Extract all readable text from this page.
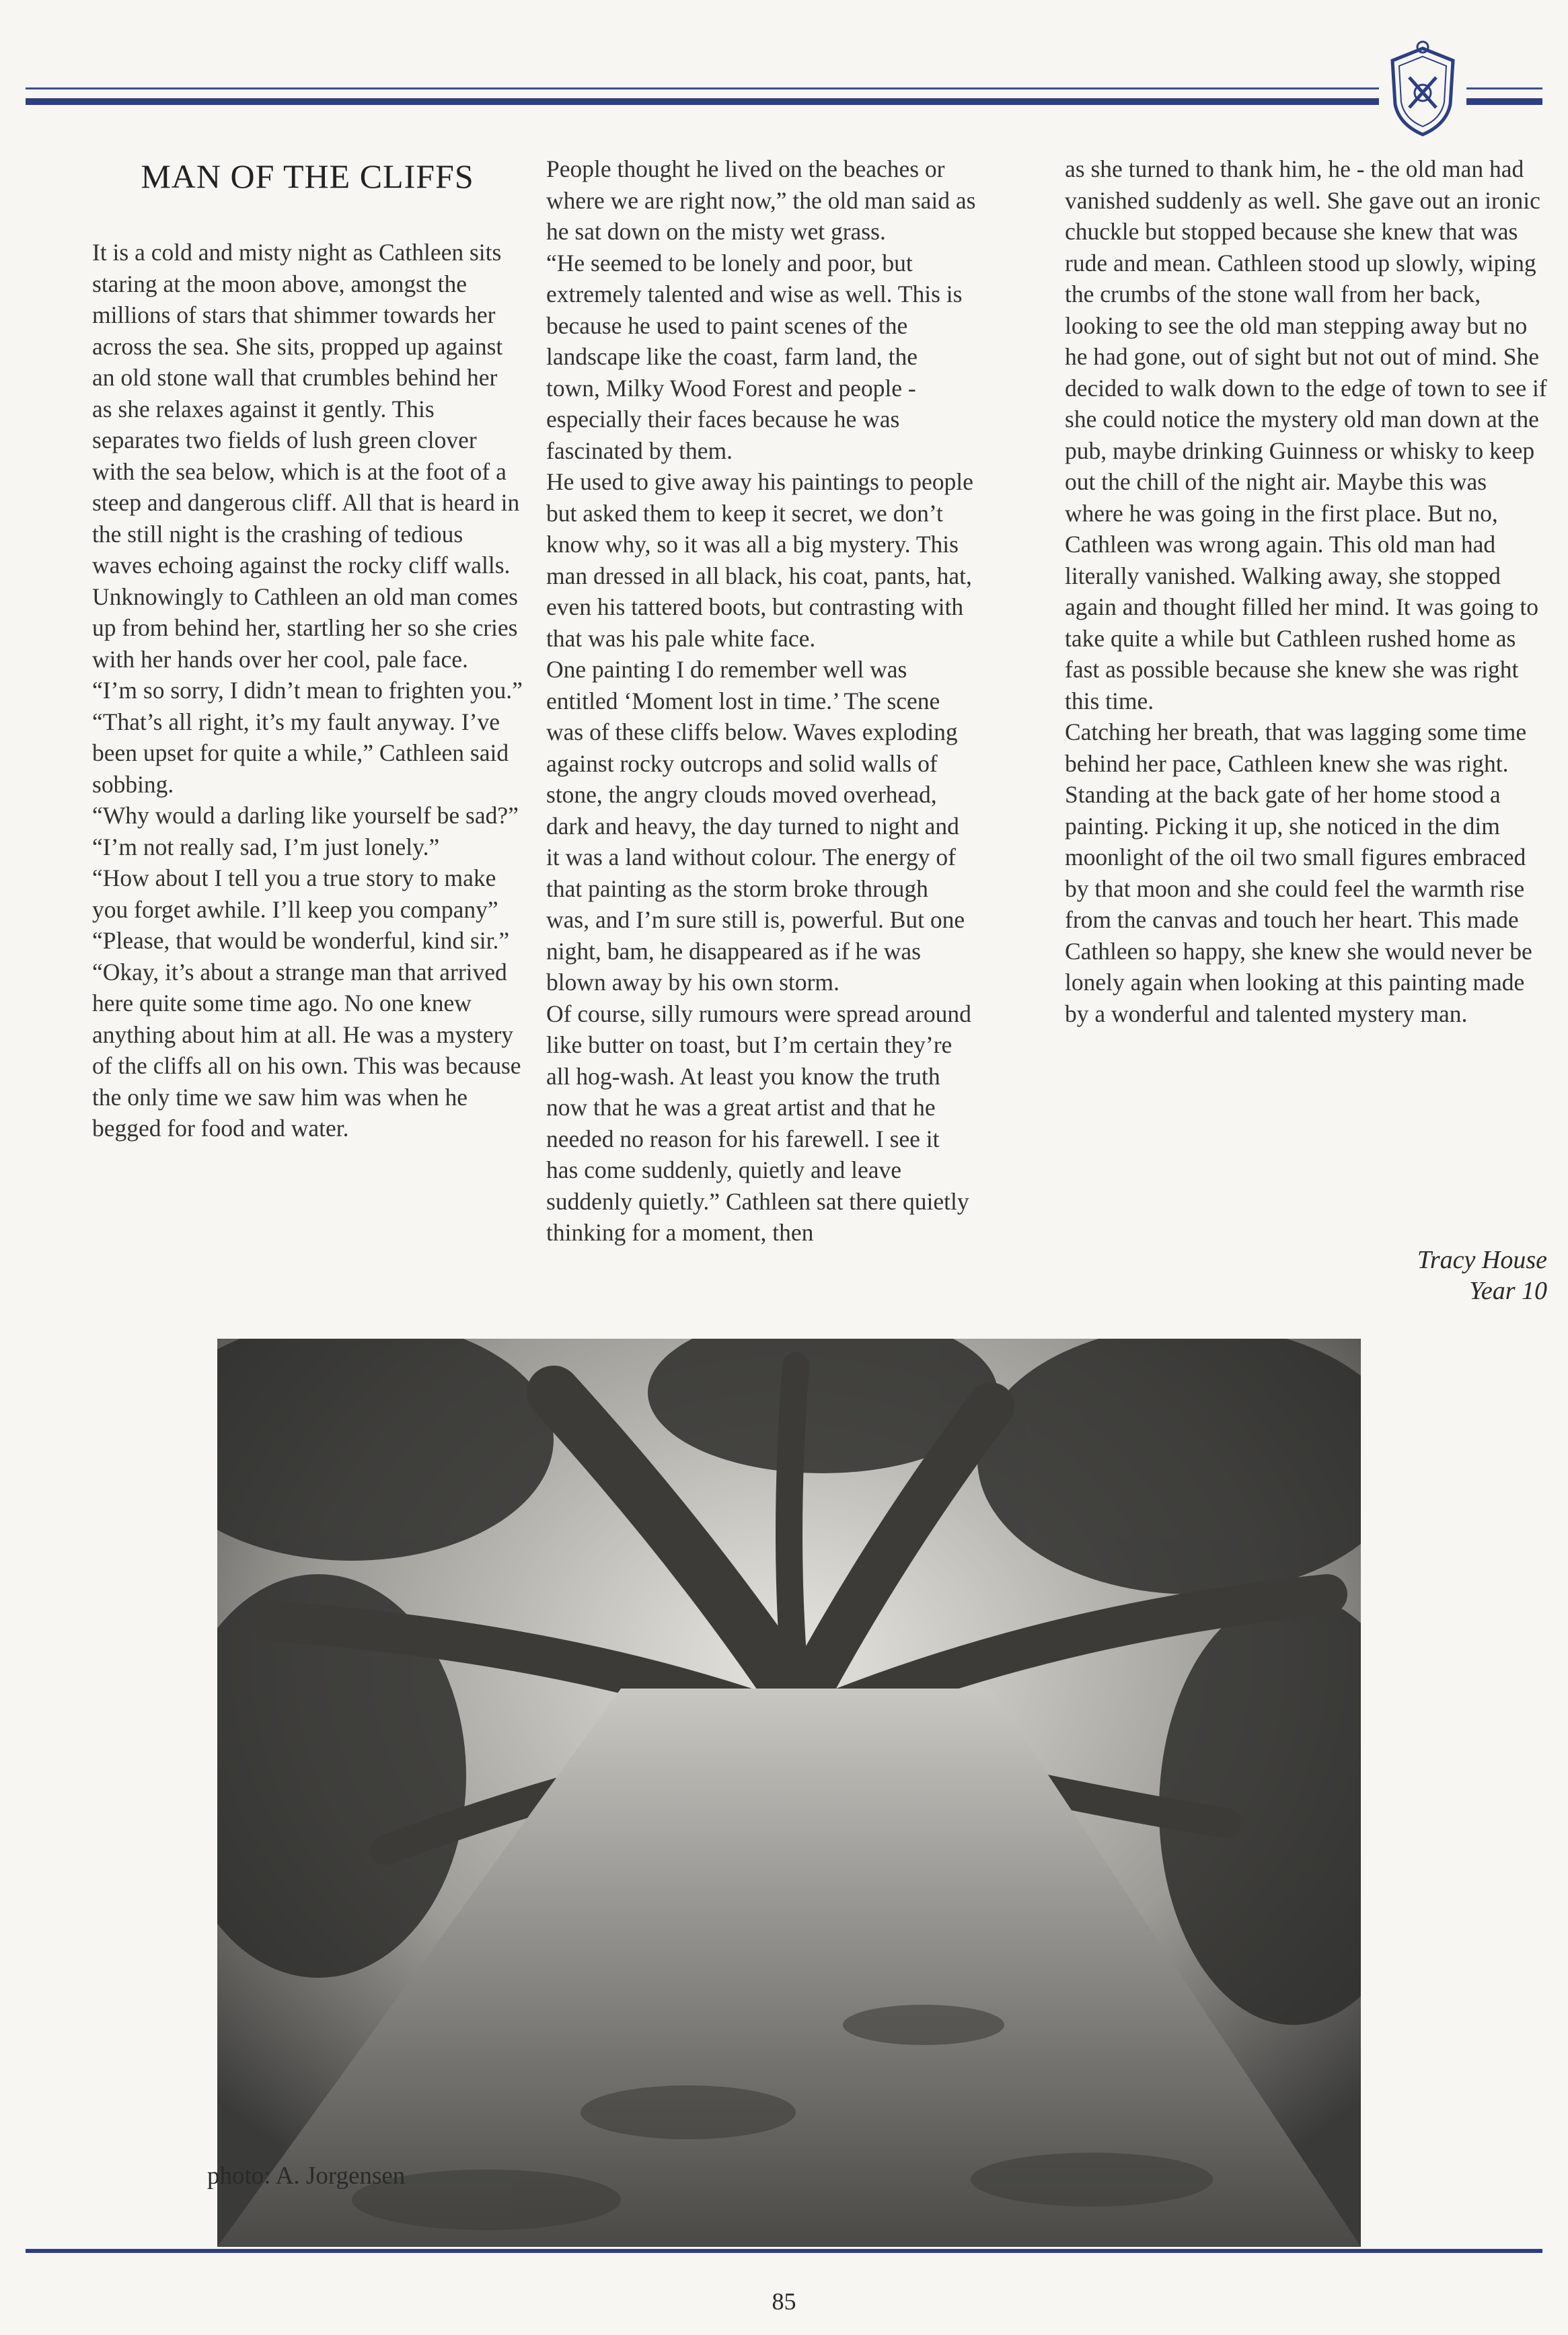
MAN OF THE CLIFFS

It is a cold and misty night as Cathleen sits staring at the moon above, amongst the millions of stars that shimmer towards her across the sea. She sits, propped up against an old stone wall that crumbles behind her as she relaxes against it gently. This separates two fields of lush green clover with the sea below, which is at the foot of a steep and dangerous cliff. All that is heard in the still night is the crashing of tedious waves echoing against the rocky cliff walls. Unknowingly to Cathleen an old man comes up from behind her, startling her so she cries with her hands over her cool, pale face.

“I’m so sorry, I didn’t mean to frighten you.”

“That’s all right, it’s my fault anyway. I’ve been upset for quite a while,” Cathleen said sobbing.

“Why would a darling like yourself be sad?”

“I’m not really sad, I’m just lonely.”

“How about I tell you a true story to make you forget awhile. I’ll keep you company”

“Please, that would be wonderful, kind sir.”

“Okay, it’s about a strange man that arrived here quite some time ago. No one knew anything about him at all. He was a mystery of the cliffs all on his own. This was because the only time we saw him was when he begged for food and water.

People thought he lived on the beaches or where we are right now,” the old man said as he sat down on the misty wet grass.

“He seemed to be lonely and poor, but extremely talented and wise as well. This is because he used to paint scenes of the landscape like the coast, farm land, the town, Milky Wood Forest and people - especially their faces because he was fascinated by them.

He used to give away his paintings to people but asked them to keep it secret, we don’t know why, so it was all a big mystery. This man dressed in all black, his coat, pants, hat, even his tattered boots, but contrasting with that was his pale white face.

One painting I do remember well was entitled ‘Moment lost in time.’ The scene was of these cliffs below. Waves exploding against rocky outcrops and solid walls of stone, the angry clouds moved overhead, dark and heavy, the day turned to night and it was a land without colour. The energy of that painting as the storm broke through was, and I’m sure still is, powerful. But one night, bam, he disappeared as if he was blown away by his own storm.

Of course, silly rumours were spread around like butter on toast, but I’m certain they’re all hog-wash. At least you know the truth now that he was a great artist and that he needed no reason for his farewell. I see it has come suddenly, quietly and leave suddenly quietly.” Cathleen sat there quietly thinking for a moment, then

as she turned to thank him, he - the old man had vanished suddenly as well. She gave out an ironic chuckle but stopped because she knew that was rude and mean. Cathleen stood up slowly, wiping the crumbs of the stone wall from her back, looking to see the old man stepping away but no he had gone, out of sight but not out of mind. She decided to walk down to the edge of town to see if she could notice the mystery old man down at the pub, maybe drinking Guinness or whisky to keep out the chill of the night air. Maybe this was where he was going in the first place. But no, Cathleen was wrong again. This old man had literally vanished. Walking away, she stopped again and thought filled her mind. It was going to take quite a while but Cathleen rushed home as fast as possible because she knew she was right this time.

Catching her breath, that was lagging some time behind her pace, Cathleen knew she was right. Standing at the back gate of her home stood a painting. Picking it up, she noticed in the dim moonlight of the oil two small figures embraced by that moon and she could feel the warmth rise from the canvas and touch her heart. This made Cathleen so happy, she knew she would never be lonely again when looking at this painting made by a wonderful and talented mystery man.

Tracy House
Year 10
photo: A. Jorgensen
85
